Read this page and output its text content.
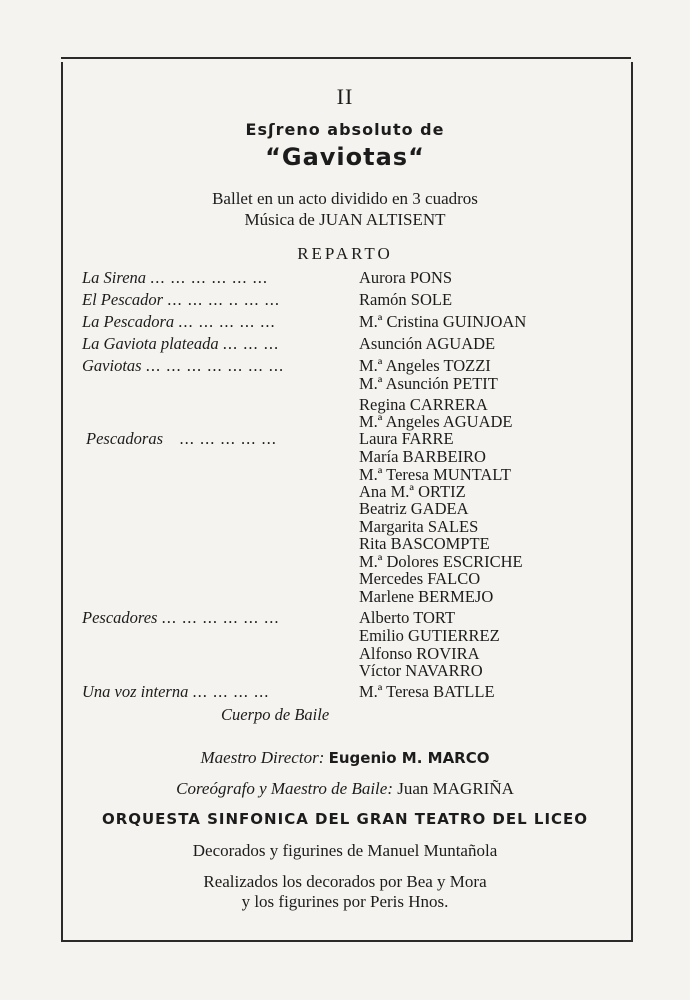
II
Esʃreno absoluto de
“Gaviotas“
Ballet en un acto dividido en 3 cuadros
Música de JUAN ALTISENT
REPARTO
La Sirena ... ... ... ... ... ...
El Pescador ... ... ... .. ... ...
La Pescadora ... ... ... ... ...
La Gaviota plateada ... ... ...
Gaviotas ... ... ... ... ... ... ...
Pescadoras ... ... ... ... ...
Pescadores ... ... ... ... ... ...
Una voz interna ... ... ... ...
Aurora PONS
Ramón SOLE
M.ª Cristina GUINJOAN
Asunción AGUADE
M.ª Angeles TOZZI
M.ª Asunción PETIT
Regina CARRERA
M.ª Angeles AGUADE
Laura FARRE
María BARBEIRO
M.ª Teresa MUNTALT
Ana M.ª ORTIZ
Beatriz GADEA
Margarita SALES
Rita BASCOMPTE
M.ª Dolores ESCRICHE
Mercedes FALCO
Marlene BERMEJO
Alberto TORT
Emilio GUTIERREZ
Alfonso ROVIRA
Víctor NAVARRO
M.ª Teresa BATLLE
Cuerpo de Baile
Maestro Director: Eugenio M. MARCO
Coreógrafo y Maestro de Baile: Juan MAGRIÑA
ORQUESTA SINFONICA DEL GRAN TEATRO DEL LICEO
Decorados y figurines de Manuel Muntañola
Realizados los decorados por Bea y Mora
y los figurines por Peris Hnos.
